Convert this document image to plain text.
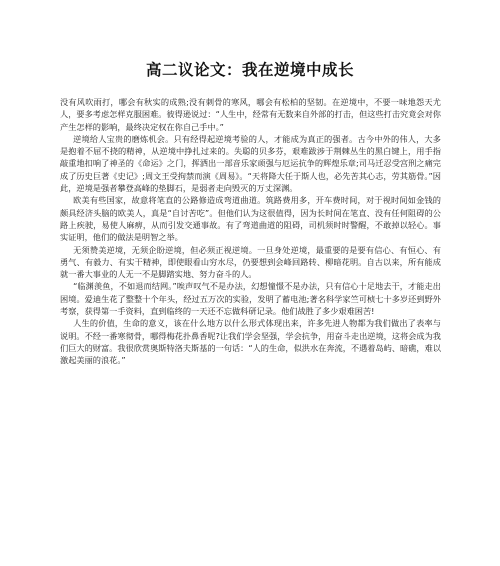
高二议论文：我在逆境中成长

没有风吹雨打，哪会有秋实的成熟;没有刺骨的寒风，哪会有松柏的坚韧。在逆境中，不要一味地怨天尤人，要多考虑怎样克服困难。彼得逊说过：“人生中，经常有无数来自外部的打击，但这些打击究竟会对你产生怎样的影响，最终决定权在你自己手中。”

逆境给人宝贵的磨炼机会。只有经得起逆境考验的人，才能成为真正的强者。古今中外的伟人，大多是抱着不屈不挠的精神，从逆境中挣扎过来的。失聪的贝多芬，艰难跋涉于荆棘丛生的黑白键上，用手指敲重地扣响了神圣的《命运》之门，挥洒出一部音乐家顽强与厄运抗争的辉煌乐章;司马迁忍受宫刑之痛完成了历史巨著《史记》;周文王受拘禁而演《周易》。“天将降大任于斯人也，必先苦其心志，劳其筋骨。”因此，逆境是强者攀登高峰的垫脚石，是弱者走向毁灭的万丈深渊。

欧美有些国家，故意将笔直的公路修造成弯道曲道。筑路费用多，开车费时间，对于视时间如金钱的颇具经济头脑的欧美人，真是“自讨苦吃”。但他们认为这很值得，因为长时间在笔直、没有任何阻碍的公路上疾驶，易使人麻痹，从而引发交通事故。有了弯道曲道的阻碍，司机须时时警醒，不敢掉以轻心。事实证明，他们的做法是明智之举。

无须赞美逆境，无须企盼逆境，但必须正视逆境。一旦身处逆境，最重要的是要有信心、有恒心、有勇气、有毅力、有实干精神，即使眼看山穷水尽，仍要想到会峰回路转、柳暗花明。自古以来，所有能成就一番大事业的人无一不是脚踏实地、努力奋斗的人。

“临渊羡鱼，不如退而结网。”唉声叹气不是办法，幻想憧憬不是办法，只有信心十足地去干，才能走出困境。爱迪生花了整整十个年头，经过五万次的实验，发明了蓄电池;著名科学家竺可桢七十多岁还到野外考察，获得第一手资料，直到临终的一天还不忘做科研记录。他们战胜了多少艰难困苦!

人生的价值，生命的意义，该在什么地方以什么形式体现出来，许多先进人物都为我们做出了表率与说明。不经一番寒彻骨，哪得梅花扑鼻香呢?让我们学会坚强，学会抗争，用奋斗走出逆境，这将会成为我们巨大的财富。我很欣赏奥斯特洛夫斯基的一句话：“人的生命，似洪水在奔流，不遇着岛屿、暗礁，难以激起美丽的浪花。”
